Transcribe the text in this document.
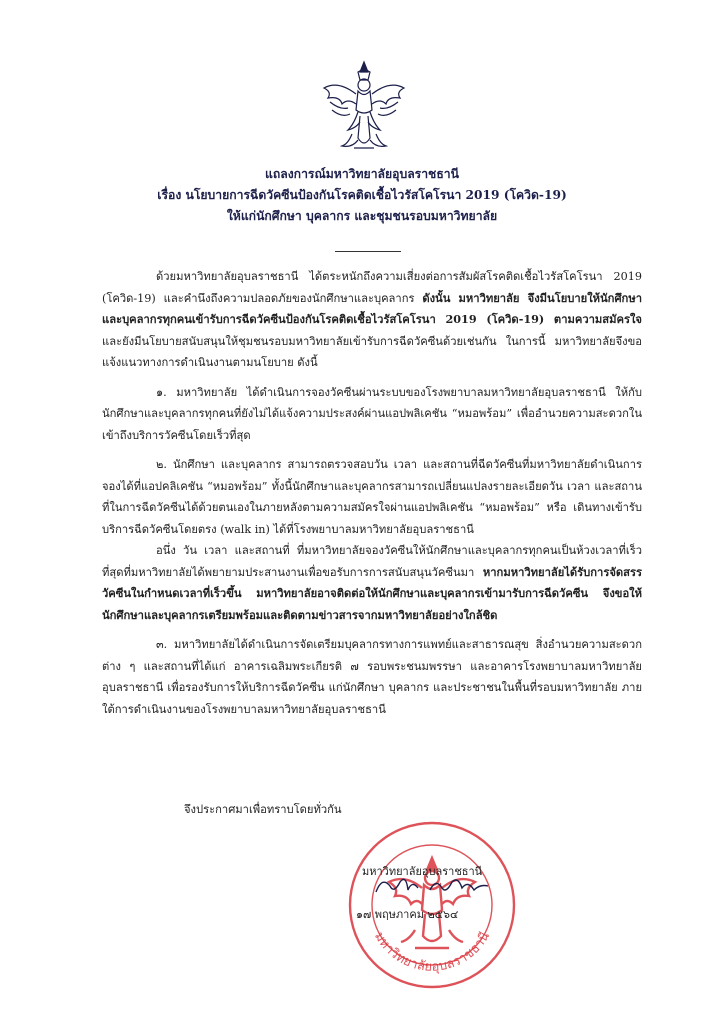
แถลงการณ์มหาวิทยาลัยอุบลราชธานี
เรื่อง นโยบายการฉีดวัคซีนป้องกันโรคติดเชื้อไวรัสโคโรนา 2019 (โควิด-19)
ให้แก่นักศึกษา บุคลากร และชุมชนรอบมหาวิทยาลัย

ด้วยมหาวิทยาลัยอุบลราชธานี ได้ตระหนักถึงความเสี่ยงต่อการสัมผัสโรคติดเชื้อไวรัสโคโรนา 2019 (โควิด-19) และคำนึงถึงความปลอดภัยของนักศึกษาและบุคลากร ดังนั้น มหาวิทยาลัย จึงมีนโยบายให้นักศึกษาและบุคลากรทุกคนเข้ารับการฉีดวัคซีนป้องกันโรคติดเชื้อไวรัสโคโรนา 2019 (โควิด-19) ตามความสมัครใจ และยังมีนโยบายสนับสนุนให้ชุมชนรอบมหาวิทยาลัยเข้ารับการฉีดวัคซีนด้วยเช่นกัน ในการนี้ มหาวิทยาลัยจึงขอแจ้งแนวทางการดำเนินงานตามนโยบาย ดังนี้

๑. มหาวิทยาลัย ได้ดำเนินการจองวัคซีนผ่านระบบของโรงพยาบาลมหาวิทยาลัยอุบลราชธานี ให้กับนักศึกษาและบุคลากรทุกคนที่ยังไม่ได้แจ้งความประสงค์ผ่านแอปพลิเคชัน “หมอพร้อม” เพื่ออำนวยความสะดวกในเข้าถึงบริการวัคซีนโดยเร็วที่สุด

๒. นักศึกษา และบุคลากร สามารถตรวจสอบวัน เวลา และสถานที่ฉีดวัคซีนที่มหาวิทยาลัยดำเนินการจองได้ที่แอปคลิเคชัน “หมอพร้อม” ทั้งนี้นักศึกษาและบุคลากรสามารถเปลี่ยนแปลงรายละเอียดวัน เวลา และสถานที่ในการฉีดวัคซีนได้ด้วยตนเองในภายหลังตามความสมัครใจผ่านแอปพลิเคชัน “หมอพร้อม” หรือ เดินทางเข้ารับบริการฉีดวัคซีนโดยตรง (walk in) ได้ที่โรงพยาบาลมหาวิทยาลัยอุบลราชธานี

อนึ่ง วัน เวลา และสถานที่ ที่มหาวิทยาลัยจองวัคซีนให้นักศึกษาและบุคลากรทุกคนเป็นห้วงเวลาที่เร็วที่สุดที่มหาวิทยาลัยได้พยายามประสานงานเพื่อขอรับการการสนับสนุนวัคซีนมา หากมหาวิทยาลัยได้รับการจัดสรรวัคซีนในกำหนดเวลาที่เร็วขึ้น มหาวิทยาลัยอาจติดต่อให้นักศึกษาและบุคลากรเข้ามารับการฉีดวัคซีน จึงขอให้นักศึกษาและบุคลากรเตรียมพร้อมและติดตามข่าวสารจากมหาวิทยาลัยอย่างใกล้ชิด

๓. มหาวิทยาลัยได้ดำเนินการจัดเตรียมบุคลากรทางการแพทย์และสาธารณสุข สิ่งอำนวยความสะดวกต่าง ๆ และสถานที่ได้แก่ อาคารเฉลิมพระเกียรติ ๗ รอบพระชนมพรรษา และอาคารโรงพยาบาลมหาวิทยาลัยอุบลราชธานี เพื่อรองรับการให้บริการฉีดวัคซีน แก่นักศึกษา บุคลากร และประชาชนในพื้นที่รอบมหาวิทยาลัย ภายใต้การดำเนินงานของโรงพยาบาลมหาวิทยาลัยอุบลราชธานี

จึงประกาศมาเพื่อทราบโดยทั่วกัน
มหาวิทยาลัยอุบลราชธานี
มหาวิทยาลัยอุบลราชธานี
๑๗ พฤษภาคม ๒๕๖๔
